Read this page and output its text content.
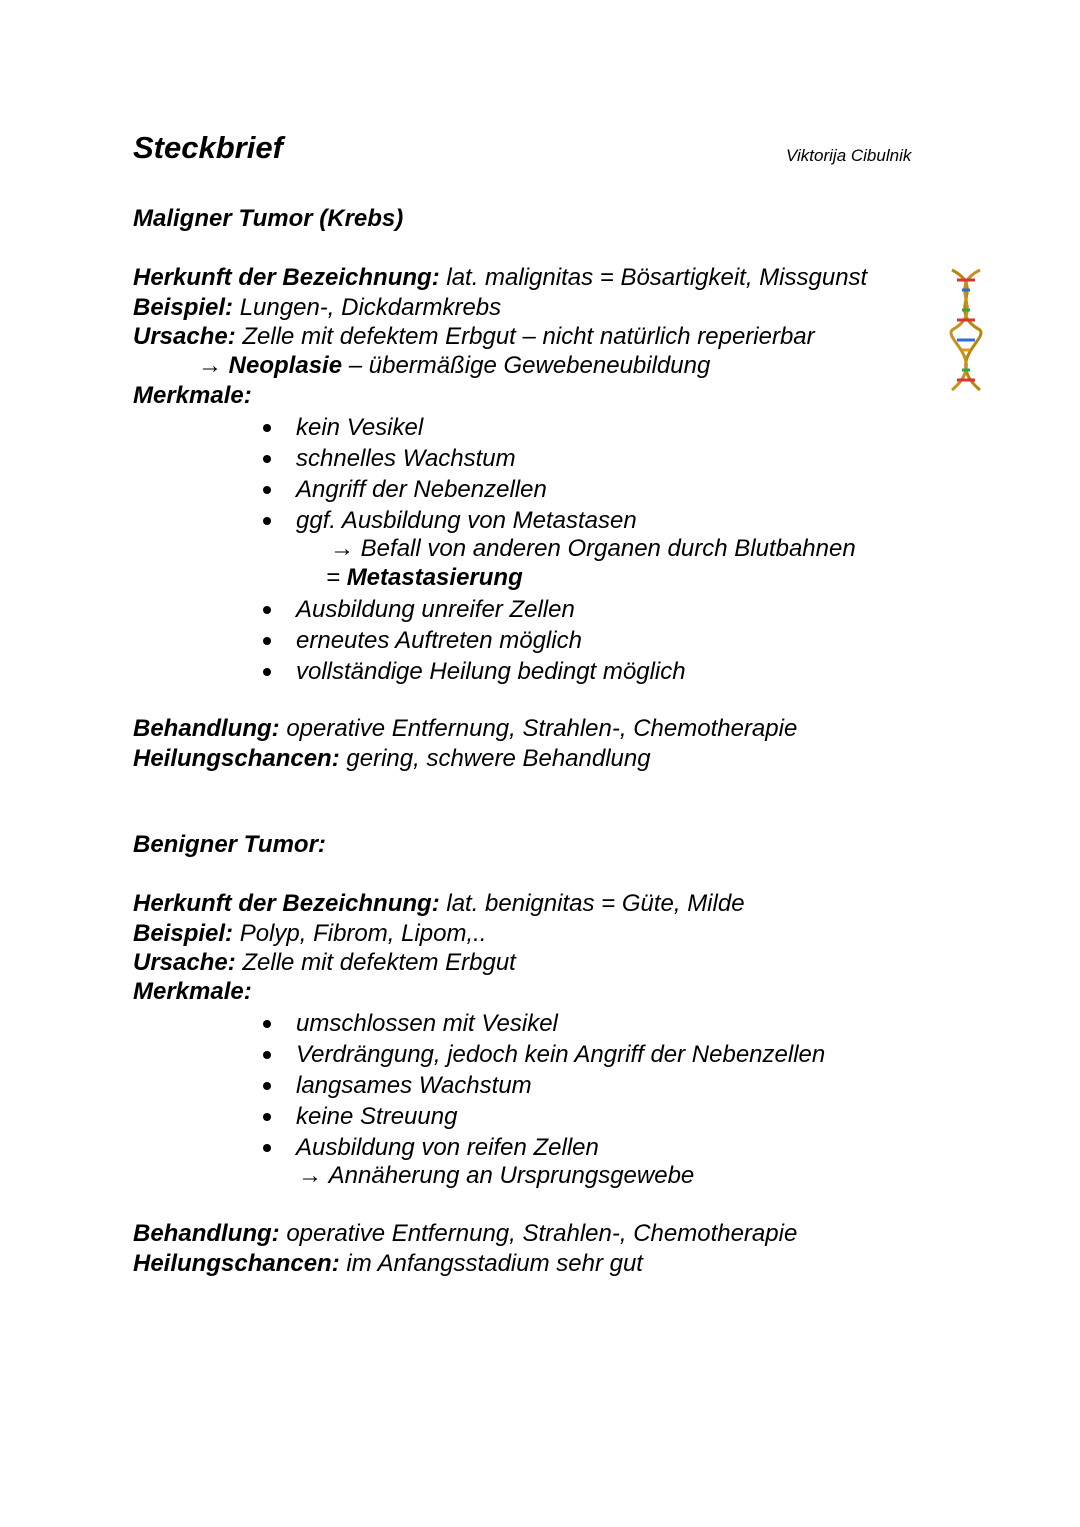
Steckbrief	Viktorija Cibulnik
Maligner Tumor (Krebs)
Herkunft der Bezeichnung: lat. malignitas = Bösartigkeit, Missgunst
Beispiel: Lungen-, Dickdarmkrebs
Ursache: Zelle mit defektem Erbgut – nicht natürlich reperierbar
→ Neoplasie – übermäßige Gewebeneubildung
Merkmale:
kein Vesikel
schnelles Wachstum
Angriff der Nebenzellen
ggf. Ausbildung von Metastasen
→ Befall von anderen Organen durch Blutbahnen
= Metastasierung
Ausbildung unreifer Zellen
erneutes Auftreten möglich
vollständige Heilung bedingt möglich
Behandlung: operative Entfernung, Strahlen-, Chemotherapie
Heilungschancen: gering, schwere Behandlung
Benigner Tumor:
Herkunft der Bezeichnung: lat. benignitas = Güte, Milde
Beispiel: Polyp, Fibrom, Lipom,..
Ursache: Zelle mit defektem Erbgut
Merkmale:
umschlossen mit Vesikel
Verdrängung, jedoch kein Angriff der Nebenzellen
langsames Wachstum
keine Streuung
Ausbildung von reifen Zellen
→ Annäherung an Ursprungsgewebe
Behandlung: operative Entfernung, Strahlen-, Chemotherapie
Heilungschancen: im Anfangsstadium sehr gut
